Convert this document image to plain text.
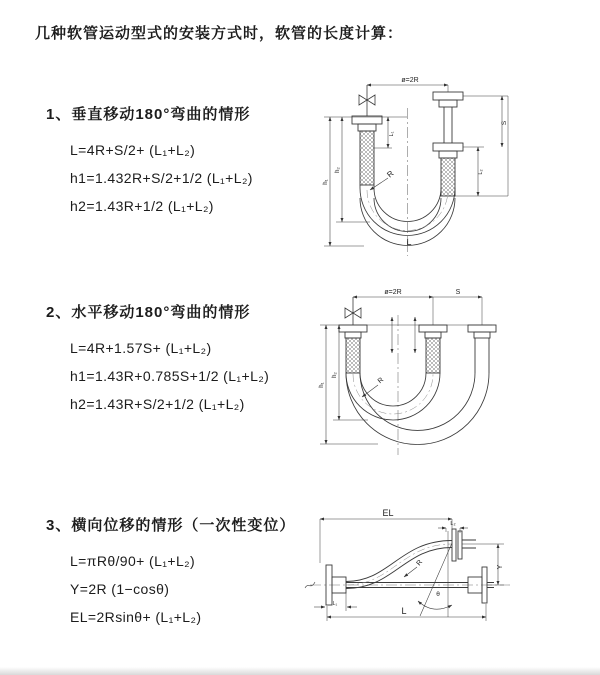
几种软管运动型式的安装方式时，软管的长度计算：
1、垂直移动180°弯曲的情形
L=4R+S/2+ (L₁+L₂)
h1=1.432R+S/2+1/2 (L₁+L₂)
h2=1.43R+1/2 (L₁+L₂)
ø=2R
L₁
S
L₂
h₁
h₂	R
L
2、水平移动180°弯曲的情形
L=4R+1.57S+ (L₁+L₂)
h1=1.43R+0.785S+1/2 (L₁+L₂)
h2=1.43R+S/2+1/2 (L₁+L₂)
ø=2R	S
h₁
h₂
R
3、横向位移的情形（一次性变位）
L=πRθ/90+ (L₁+L₂)
Y=2R (1−cosθ)
EL=2Rsinθ+ (L₁+L₂)
EL
L₂
R	Y
θ
L
L₁
